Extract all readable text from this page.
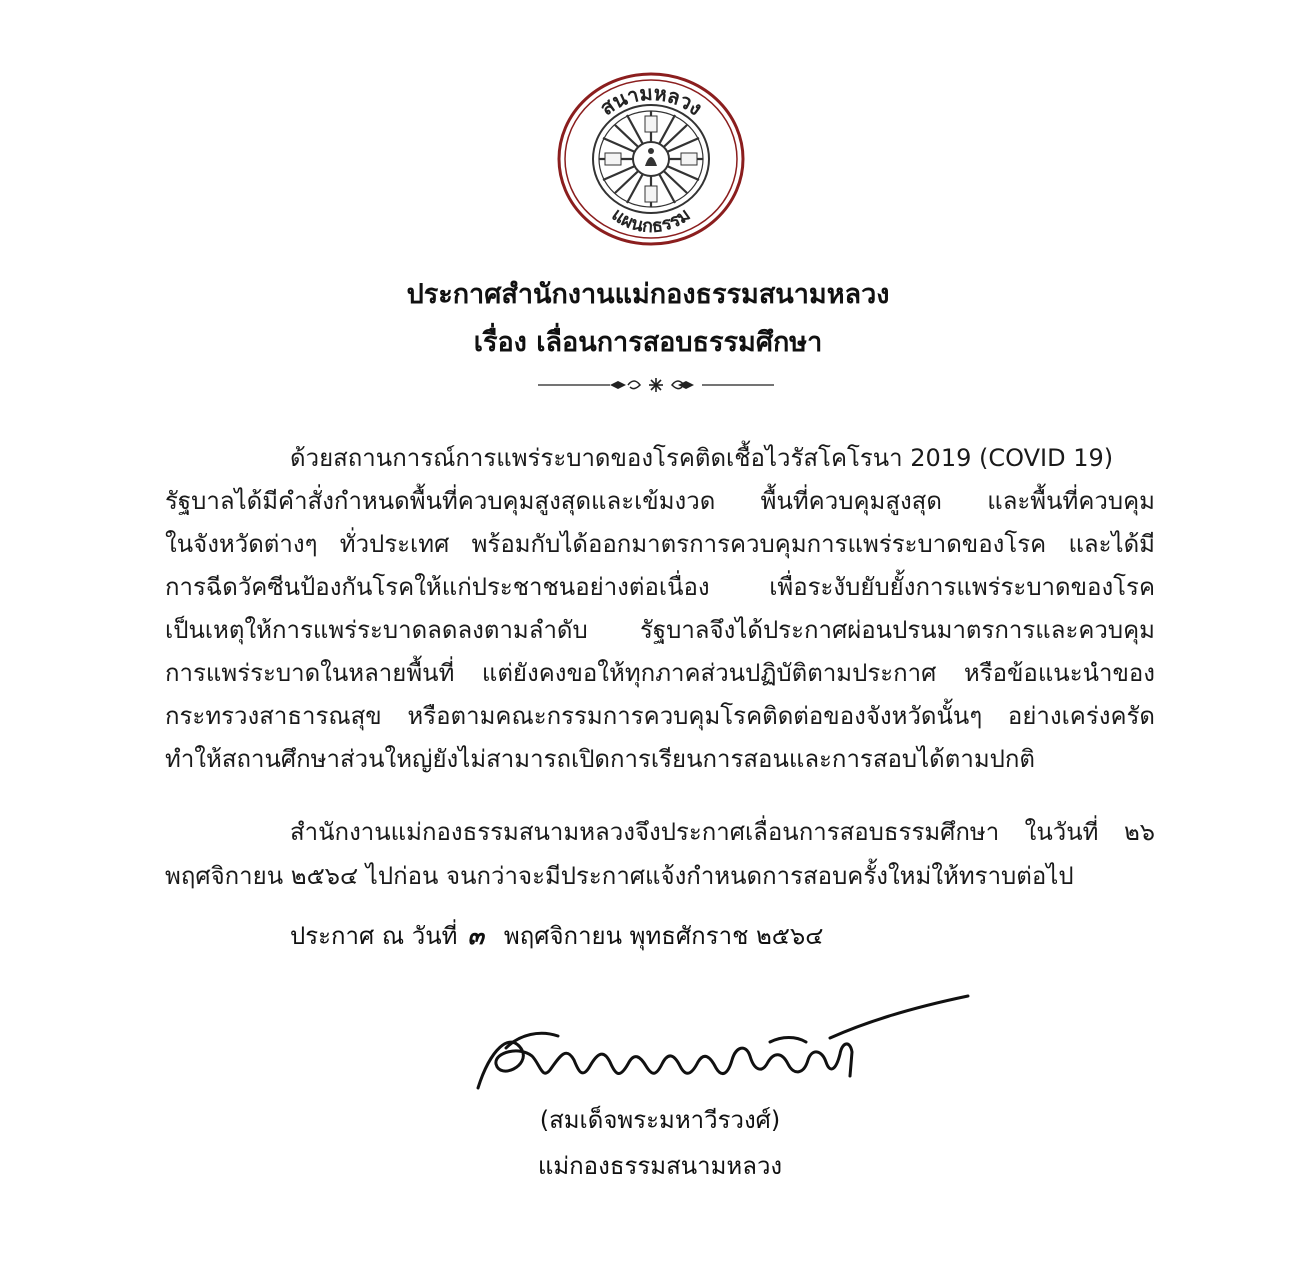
สนามหลวง
แผนกธรรม
ประกาศสำนักงานแม่กองธรรมสนามหลวง
เรื่อง เลื่อนการสอบธรรมศึกษา
ด้วยสถานการณ์การแพร่ระบาดของโรคติดเชื้อไวรัสโคโรนา 2019 (COVID 19)
รัฐบาลได้มีคำสั่งกำหนดพื้นที่ควบคุมสูงสุดและเข้มงวด พื้นที่ควบคุมสูงสุด และพื้นที่ควบคุม
ในจังหวัดต่างๆ ทั่วประเทศ พร้อมกับได้ออกมาตรการควบคุมการแพร่ระบาดของโรค และได้มี
การฉีดวัคซีนป้องกันโรคให้แก่ประชาชนอย่างต่อเนื่อง เพื่อระงับยับยั้งการแพร่ระบาดของโรค
เป็นเหตุให้การแพร่ระบาดลดลงตามลำดับ รัฐบาลจึงได้ประกาศผ่อนปรนมาตรการและควบคุม
การแพร่ระบาดในหลายพื้นที่ แต่ยังคงขอให้ทุกภาคส่วนปฏิบัติตามประกาศ หรือข้อแนะนำของ
กระทรวงสาธารณสุข หรือตามคณะกรรมการควบคุมโรคติดต่อของจังหวัดนั้นๆ อย่างเคร่งครัด
ทำให้สถานศึกษาส่วนใหญ่ยังไม่สามารถเปิดการเรียนการสอนและการสอบได้ตามปกติ
สำนักงานแม่กองธรรมสนามหลวงจึงประกาศเลื่อนการสอบธรรมศึกษา ในวันที่ ๒๖
พฤศจิกายน ๒๕๖๔ ไปก่อน จนกว่าจะมีประกาศแจ้งกำหนดการสอบครั้งใหม่ให้ทราบต่อไป
ประกาศ ณ วันที่ ๓ พฤศจิกายน พุทธศักราช ๒๕๖๔
(สมเด็จพระมหาวีรวงศ์)
แม่กองธรรมสนามหลวง
